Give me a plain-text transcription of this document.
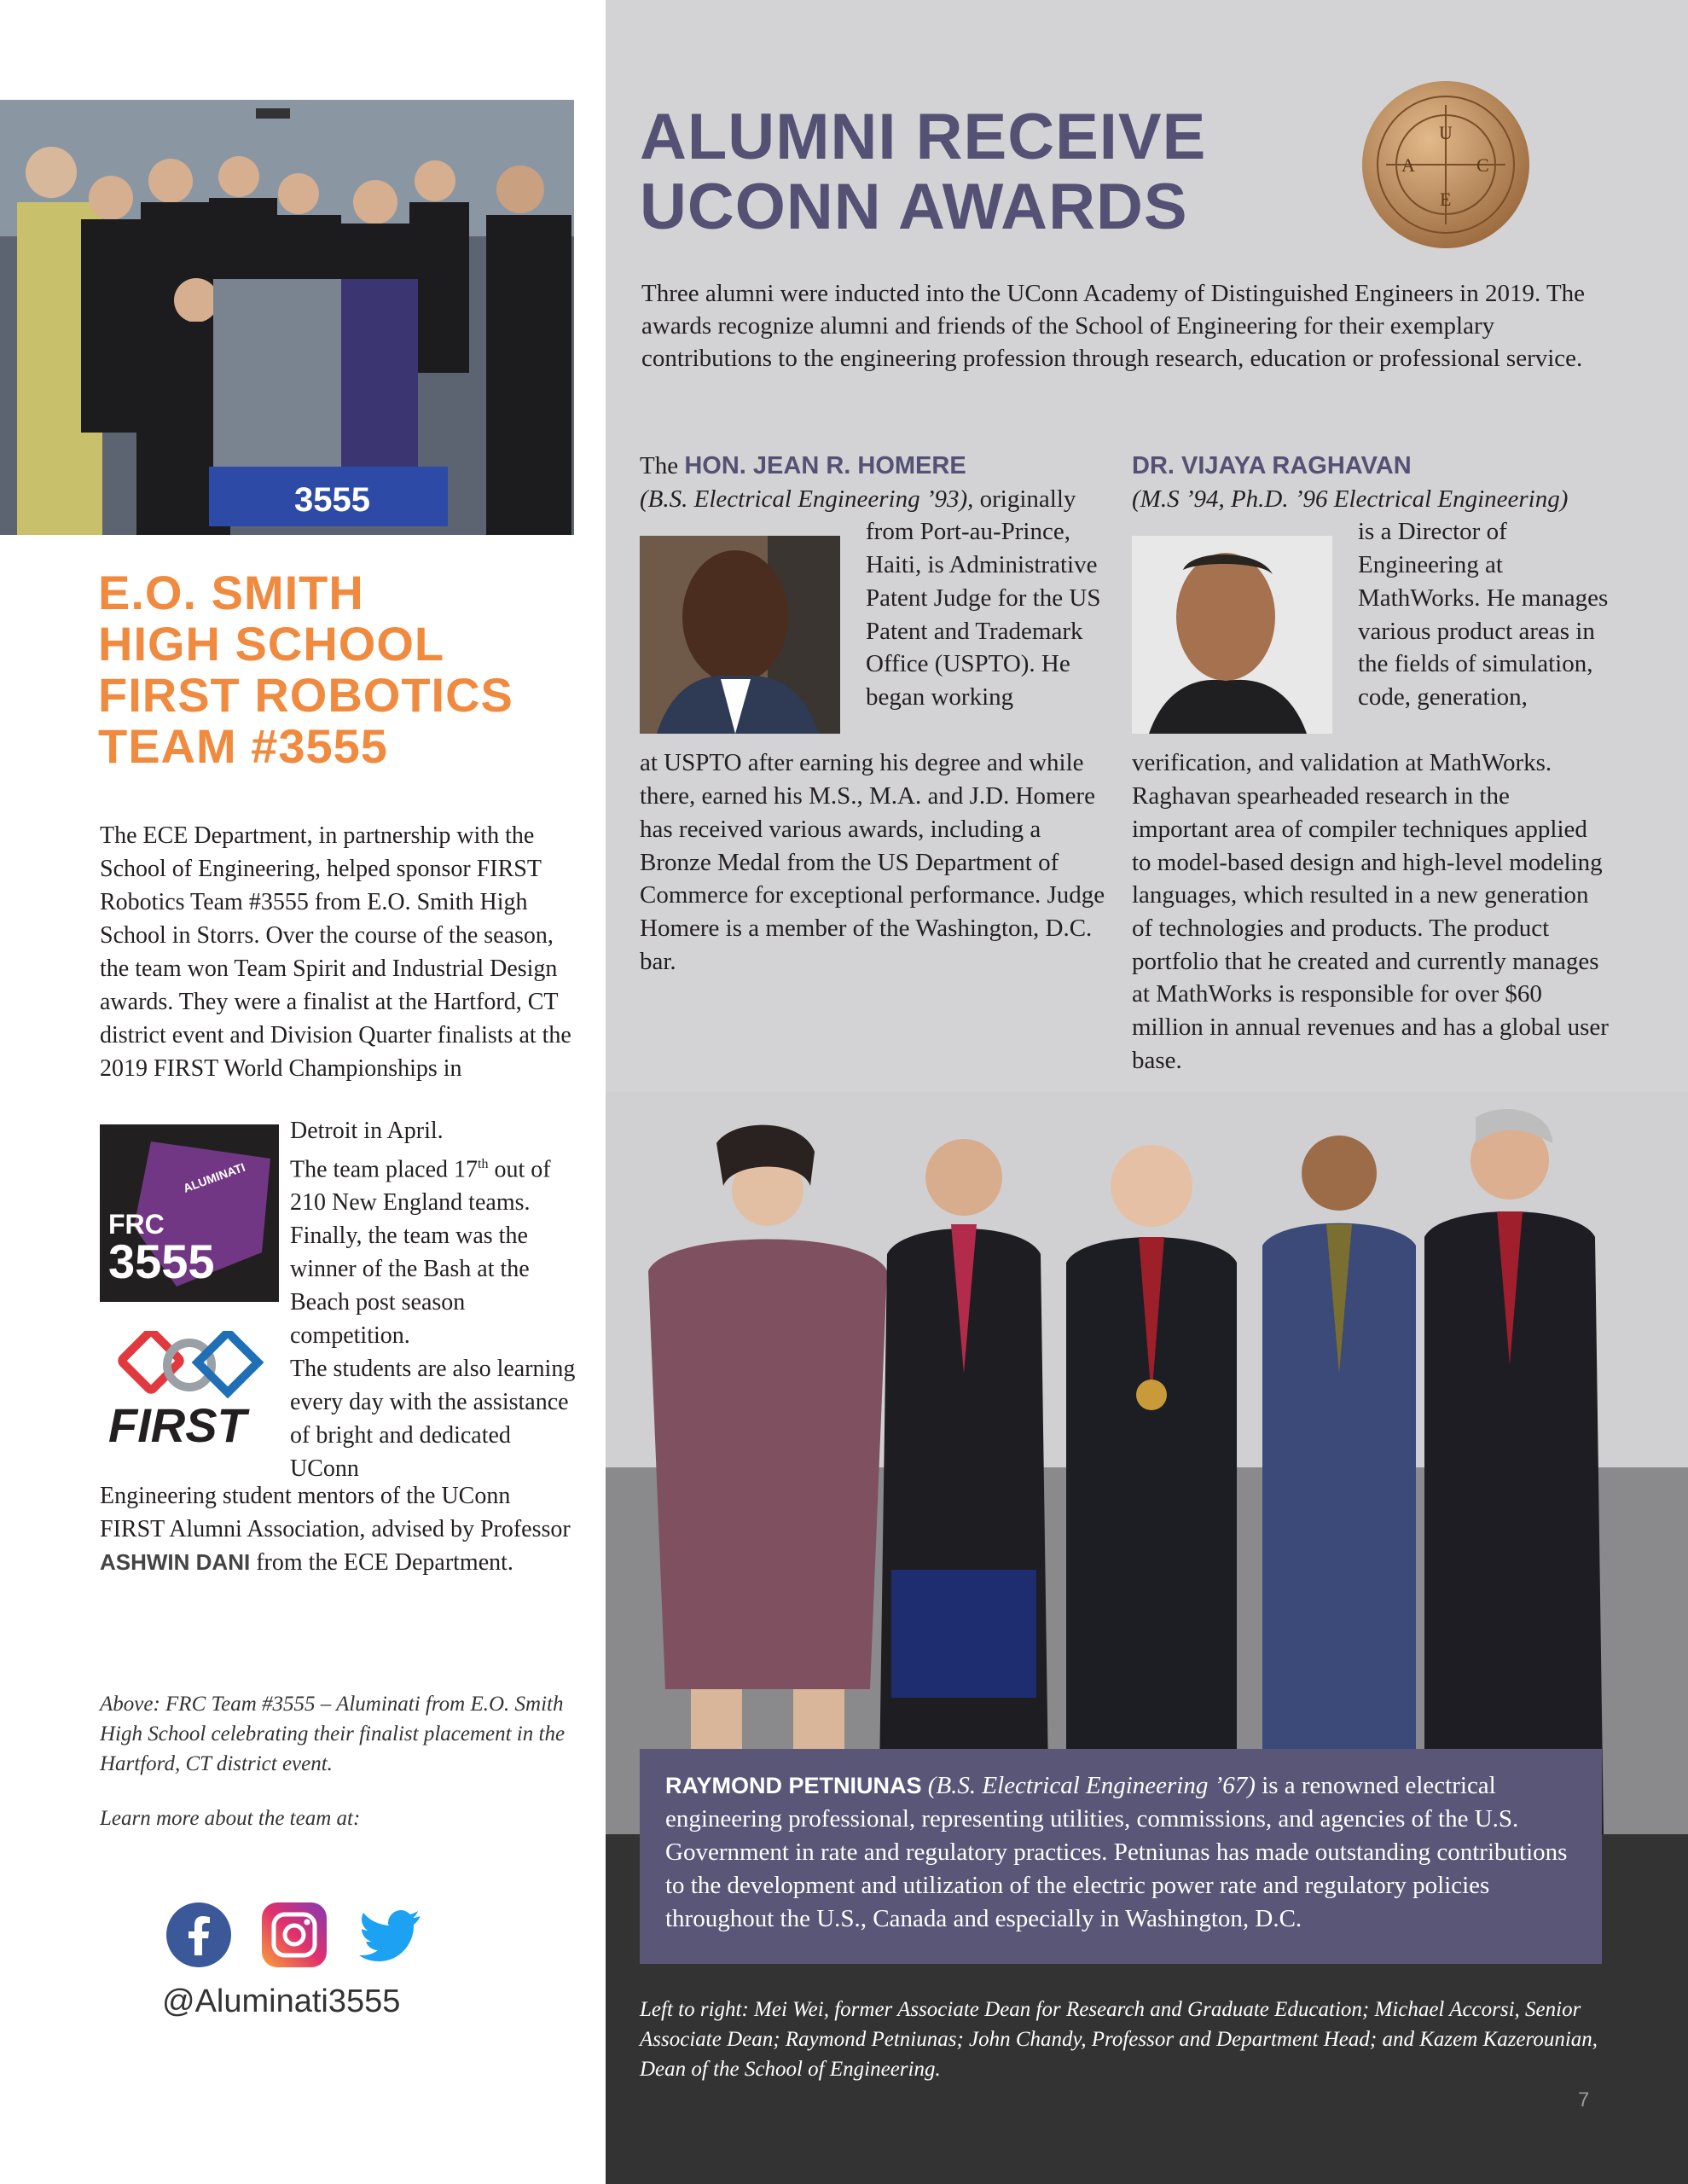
3555
E.O. SMITH
HIGH SCHOOL
FIRST ROBOTICS
TEAM #3555
The ECE Department, in partnership with the School of Engineering, helped sponsor FIRST Robotics Team #3555 from E.O. Smith High School in Storrs. Over the course of the season, the team won Team Spirit and Industrial Design awards. They were a finalist at the Hartford, CT district event and Division Quarter finalists at the 2019 FIRST World Championships in
Detroit in April.
The team placed 17th out of 210 New England teams. Finally, the team was the winner of the Bash at the Beach post season competition.
The students are also learning every day with the assistance of bright and dedicated UConn
ALUMINATI
FRC
3555
FIRST
Engineering student mentors of the UConn FIRST Alumni Association, advised by Professor ASHWIN DANI from the ECE Department.
Above: FRC Team #3555 – Aluminati from E.O. Smith High School celebrating their finalist placement in the Hartford, CT district event.
Learn more about the team at:
@Aluminati3555
ALUMNI RECEIVE
UCONN AWARDS
U
A	C
E
Three alumni were inducted into the UConn Academy of Distinguished Engineers in 2019. The awards recognize alumni and friends of the School of Engineering for their exemplary contributions to the engineering profession through research, education or professional service.
The HON. JEAN R. HOMERE
(B.S. Electrical Engineering ’93), originally
from Port-au-Prince, Haiti, is Administrative Patent Judge for the US Patent and Trademark Office (USPTO). He began working
at USPTO after earning his degree and while there, earned his M.S., M.A. and J.D. Homere has received various awards, including a Bronze Medal from the US Department of Commerce for exceptional performance. Judge Homere is a member of the Washington, D.C. bar.
DR. VIJAYA RAGHAVAN
(M.S ’94, Ph.D. ’96 Electrical Engineering)
is a Director of Engineering at MathWorks. He manages various product areas in the fields of simulation, code, generation,
verification, and validation at MathWorks. Raghavan spearheaded research in the important area of compiler techniques applied to model-based design and high-level modeling languages, which resulted in a new generation of technologies and products. The product portfolio that he created and currently manages at MathWorks is responsible for over $60 million in annual revenues and has a global user base.
RAYMOND PETNIUNAS (B.S. Electrical Engineering ’67) is a renowned electrical engineering professional, representing utilities, commissions, and agencies of the U.S. Government in rate and regulatory practices. Petniunas has made outstanding contributions to the development and utilization of the electric power rate and regulatory policies throughout the U.S., Canada and especially in Washington, D.C.
Left to right: Mei Wei, former Associate Dean for Research and Graduate Education; Michael Accorsi, Senior Associate Dean; Raymond Petniunas; John Chandy, Professor and Department Head; and Kazem Kazerounian, Dean of the School of Engineering.
7
